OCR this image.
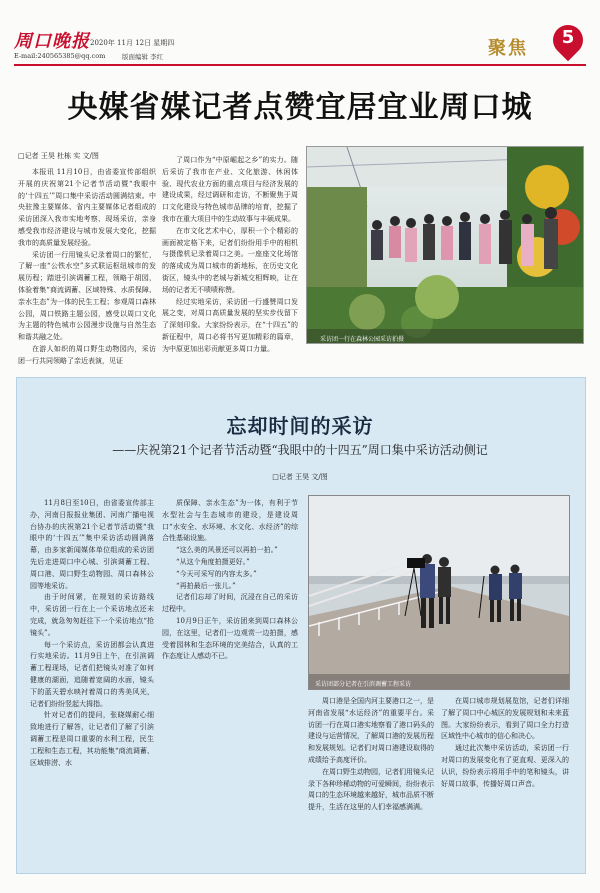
周口晚报 2020年 11月 12日 星期四
E-mail:240565385@qq.com	版面编辑 李红	聚焦
5
央媒省媒记者点赞宜居宜业周口城
□记者 王昊 杜栋 实 文/图

本报讯 11月10日，由省委宣传部组织开展的庆祝第21个记者节活动暨“我眼中的‘十四五’”周口集中采访活动圆满结束。中央驻豫主要媒体、省内主要媒体记者组成的采访团深入我市实地考察、现场采访，亲身感受我市经济建设与城市发展大变化，挖掘我市的高质量发展经验。

采访团一行用镜头记录着周口的繁忙，了解一座“公铁水空”多式联运枢纽城市的发展历程；踏进引滨调蓄工程，领略于胡园，体验着集“商流调蓄、区域特殊、水质保障、亲水生态”为一体的民生工程；参观周口森林公园，周口铁路主题公园，感受以周口文化为主题的特色城市公园漫步设施与自然生态和谐共融之处。

在游人如织的周口野生动物园内，采访团一行共同领略了亲近表演，见证

了周口作为“中原崛起之乡”的实力。随后采访了我市在产业、文化旅游、休闲体验、现代农业方面的重点项目与经济发展的建设成果，经过调研和走访，不断聚焦于周口文化建设与特色城市品牌的培育，挖掘了我市在重大项目中的生动故事与丰硕成果。

在市文化艺术中心，厚积一个个精彩的画面被定格下来，记者们纷纷用手中的相机与摄像机记录着周口之美。一座座文化场馆的落成成为周口城市的新地标，在历史文化街区，镜头中的老城与新城交相辉映，让在场的记者无不啧啧称赞。

经过实地采访，采访团一行盛赞周口发展之变，对周口高质量发展的坚实步伐留下了深刻印象。大家纷纷表示，在“十四五”的新征程中，周口必将书写更加精彩的篇章，为中原更加出彩贡献更多周口力量。

采访团一行在森林公园采访拍摄
忘却时间的采访
——庆祝第21个记者节活动暨“我眼中的十四五”周口集中采访活动侧记
□记者 王昊 文/图

11月8日至10日，由省委宣传部主办，河南日报报业集团、河南广播电视台协办的庆祝第21个记者节活动暨“我眼中的‘十四五’”集中采访活动圆满落幕，由多家新闻媒体单位组成的采访团先后走进周口中心城、引滨调蓄工程、周口港、周口野生动物园、周口森林公园等地采访。

由于时间紧，在规划的采访路线中，采访团一行在上一个采访地点还未完成，就急匆匆赶往下一个采访地点“抢镜头”。

每一个采访点，采访团都会认真进行实地采访。11月9日上午，在引滨调蓄工程现场，记者们把镜头对准了如何健康的湖面，追随着宽阔的水面，镜头下的蓝天碧水映衬着周口的秀美风光，记者们纷纷竖起大拇指。

针对记者们的提问，张晓媒耐心细致地进行了解答，让记者们了解了引滨调蓄工程是周口重要的水利工程，民生工程和生态工程，其功能集“商流调蓄、区域排涝、水

质保障、亲水生态”为一体，有利于节水型社会与生态城市的建设，是建设周口“水安全、水环境、水文化、水经济”的综合性基础设施。

“这么美的风景还可以再拍一拍。”

“从这个角度拍摄更好。”

“今天可采写的内容太多。”

“再拍最后一张儿。”

记者们忘却了时间，沉浸在自己的采访过程中。

10月9日正午，采访团来到周口森林公园，在这里，记者们一边观赏一边拍摄，感受着园林和生态环境的完美结合，认真的工作态度让人感动不已。

采访团部分记者在引滨调蓄工程采访

周口港是全国内河主要港口之一，是河南省发展“水运经济”的重要平台。采访团一行在周口港实地察看了港口码头的建设与运营情况，了解周口港的发展历程和发展规划。记者们对周口港建设取得的成绩给予高度评价。

在周口野生动物园，记者们用镜头记录下各种珍稀动物的可爱瞬间，纷纷表示周口的生态环境越来越好，城市品质不断提升，生活在这里的人们幸福感满满。

在周口城市规划展览馆，记者们详细了解了周口中心城区的发展规划和未来蓝图。大家纷纷表示，看到了周口全力打造区域性中心城市的信心和决心。

通过此次集中采访活动，采访团一行对周口的发展变化有了更直观、更深入的认识，纷纷表示将用手中的笔和镜头，讲好周口故事，传播好周口声音。
